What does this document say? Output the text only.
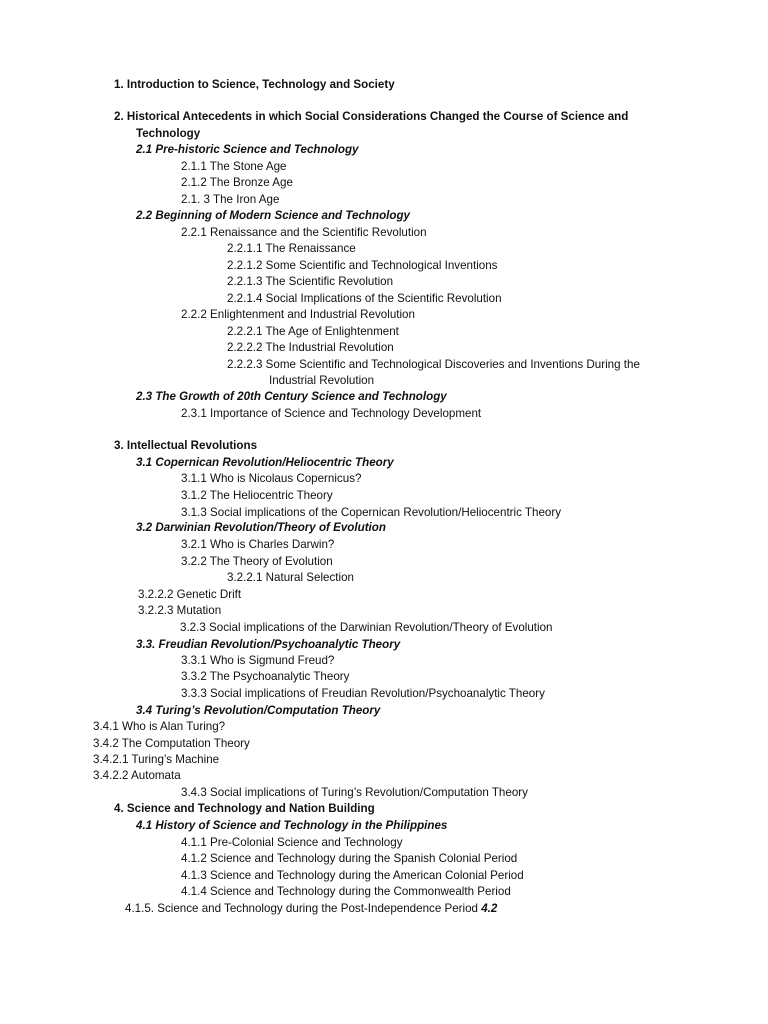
1. Introduction to Science, Technology and Society
2. Historical Antecedents in which Social Considerations Changed the Course of Science and
Technology
2.1 Pre-historic Science and Technology
2.1.1 The Stone Age
2.1.2 The Bronze Age
2.1. 3 The Iron Age
2.2 Beginning of Modern Science and Technology
2.2.1 Renaissance and the Scientific Revolution
2.2.1.1 The Renaissance
2.2.1.2 Some Scientific and Technological Inventions
2.2.1.3 The Scientific Revolution
2.2.1.4 Social Implications of the Scientific Revolution
2.2.2 Enlightenment and Industrial Revolution
2.2.2.1 The Age of Enlightenment
2.2.2.2 The Industrial Revolution
2.2.2.3 Some Scientific and Technological Discoveries and Inventions During the
Industrial Revolution
2.3 The Growth of 20th Century Science and Technology
2.3.1 Importance of Science and Technology Development
3. Intellectual Revolutions
3.1 Copernican Revolution/Heliocentric Theory
3.1.1 Who is Nicolaus Copernicus?
3.1.2 The Heliocentric Theory
3.1.3 Social implications of the Copernican Revolution/Heliocentric Theory
3.2 Darwinian Revolution/Theory of Evolution
3.2.1 Who is Charles Darwin?
3.2.2 The Theory of Evolution
3.2.2.1 Natural Selection
3.2.2.2 Genetic Drift
3.2.2.3 Mutation
3.2.3 Social implications of the Darwinian Revolution/Theory of Evolution
3.3. Freudian Revolution/Psychoanalytic Theory
3.3.1 Who is Sigmund Freud?
3.3.2 The Psychoanalytic Theory
3.3.3 Social implications of Freudian Revolution/Psychoanalytic Theory
3.4 Turing’s Revolution/Computation Theory
3.4.1 Who is Alan Turing?
3.4.2 The Computation Theory
3.4.2.1 Turing’s Machine
3.4.2.2 Automata
3.4.3 Social implications of Turing’s Revolution/Computation Theory
4. Science and Technology and Nation Building
4.1 History of Science and Technology in the Philippines
4.1.1 Pre-Colonial Science and Technology
4.1.2 Science and Technology during the Spanish Colonial Period
4.1.3 Science and Technology during the American Colonial Period
4.1.4 Science and Technology during the Commonwealth Period
4.1.5. Science and Technology during the Post-Independence Period 4.2
